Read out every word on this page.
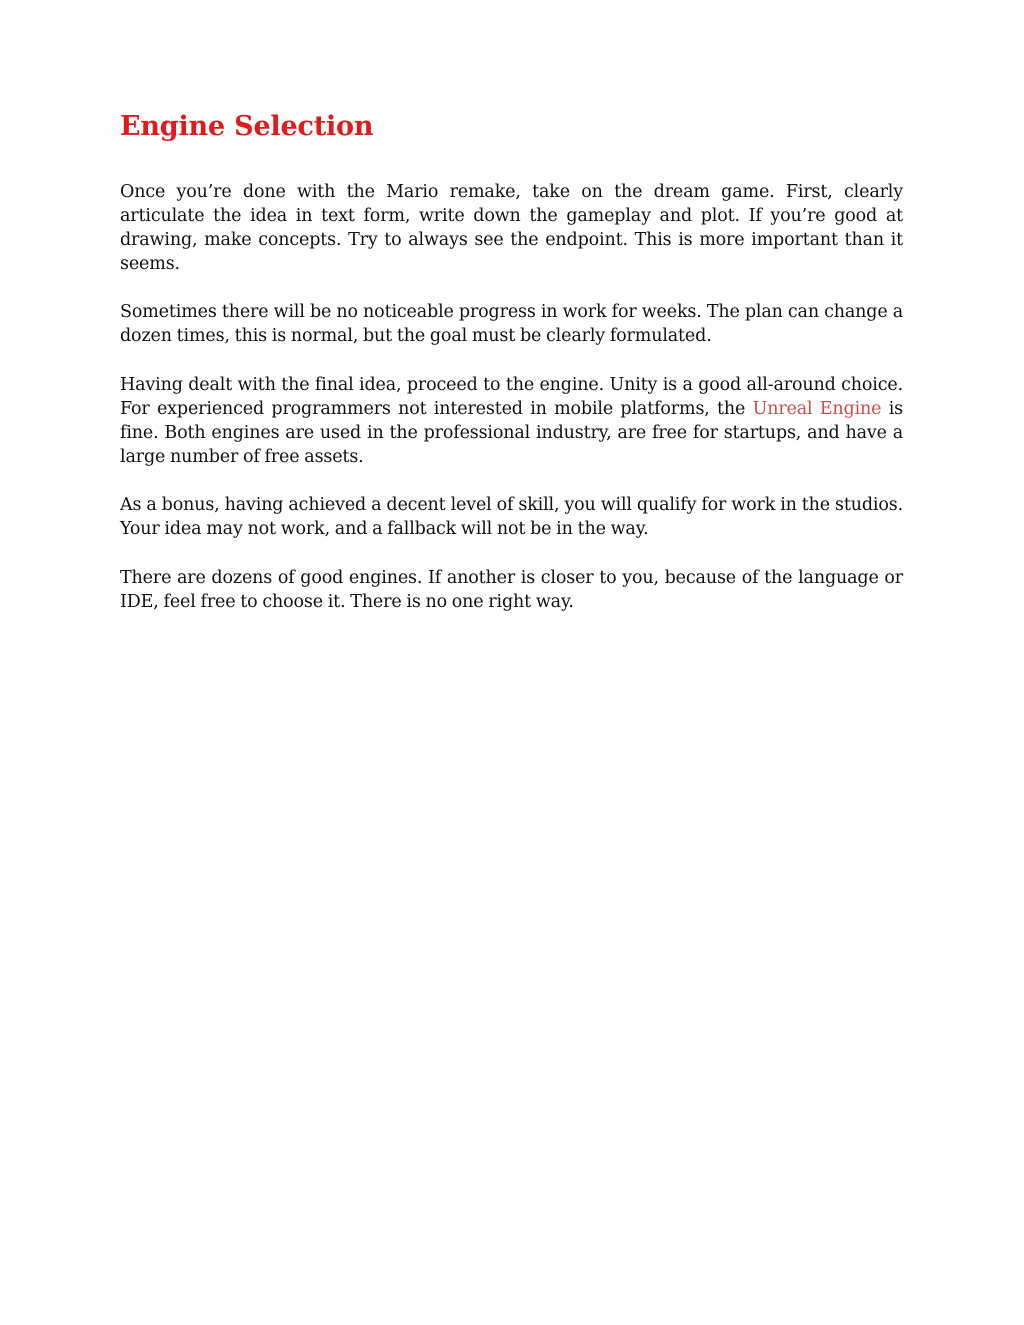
Engine Selection

Once you’re done with the Mario remake, take on the dream game. First, clearly articulate the idea in text form, write down the gameplay and plot. If you’re good at drawing, make concepts. Try to always see the endpoint. This is more important than it seems.

Sometimes there will be no noticeable progress in work for weeks. The plan can change a dozen times, this is normal, but the goal must be clearly formulated.

Having dealt with the final idea, proceed to the engine. Unity is a good all-around choice. For experienced programmers not interested in mobile platforms, the Unreal Engine is fine. Both engines are used in the professional industry, are free for startups, and have a large number of free assets.

As a bonus, having achieved a decent level of skill, you will qualify for work in the studios. Your idea may not work, and a fallback will not be in the way.

There are dozens of good engines. If another is closer to you, because of the language or IDE, feel free to choose it. There is no one right way.
